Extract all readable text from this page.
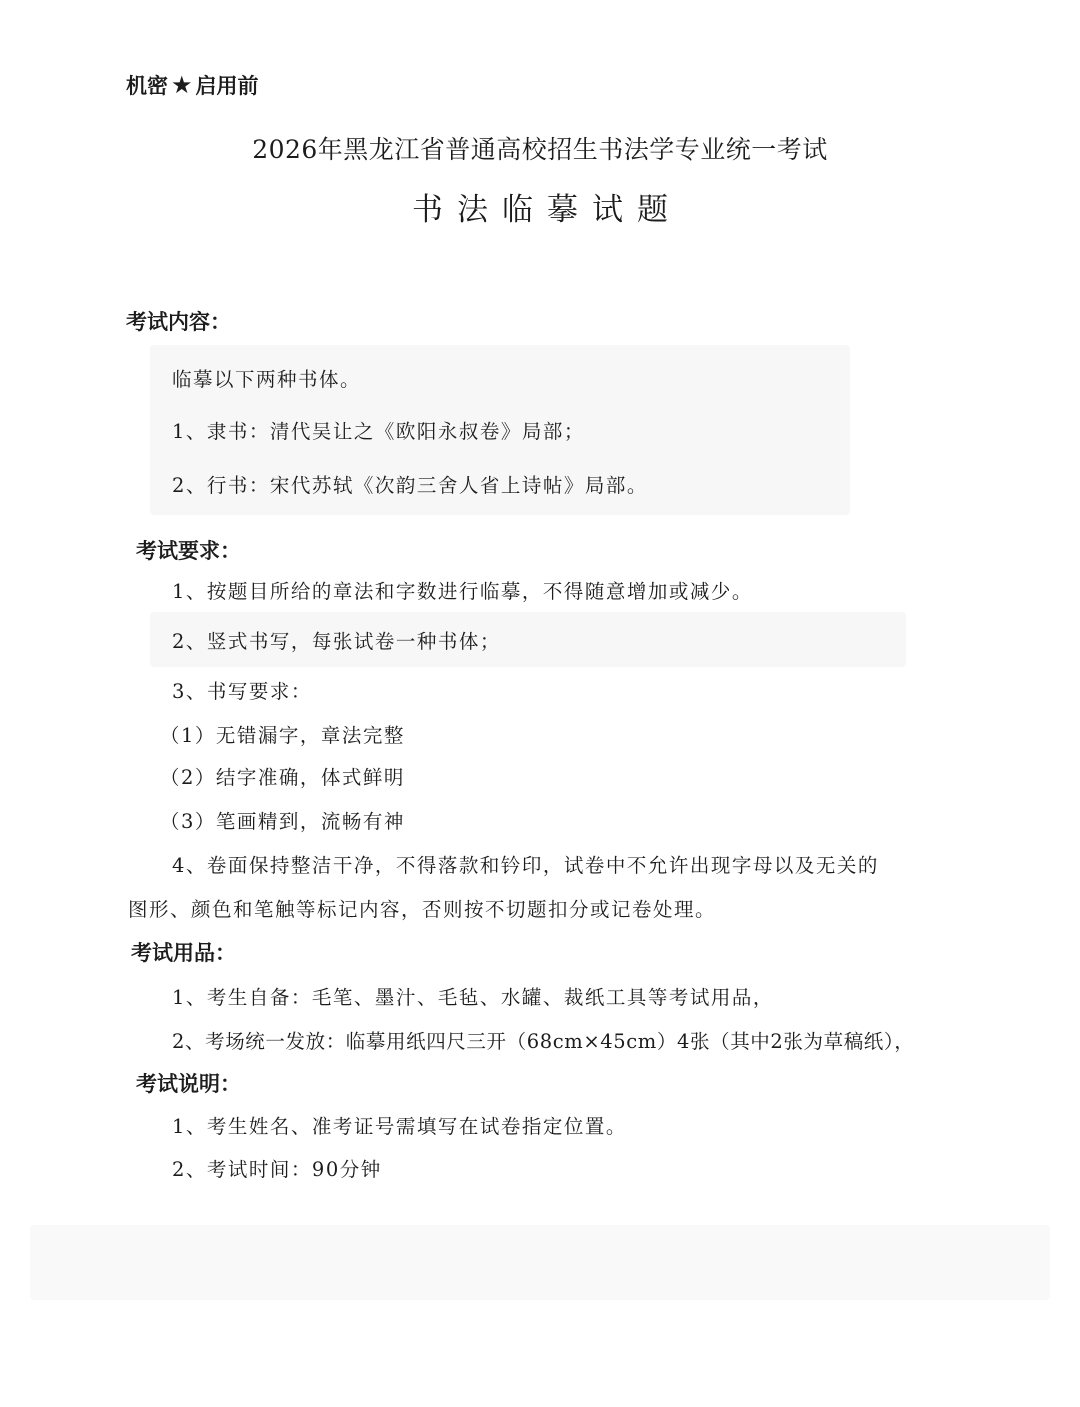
机密 ★ 启用前
2026年黑龙江省普通高校招生书法学专业统一考试
书法临摹试题
考试内容：
临摹以下两种书体。
1、隶书：清代吴让之《欧阳永叔卷》局部；
2、行书：宋代苏轼《次韵三舍人省上诗帖》局部。
考试要求：
1、按题目所给的章法和字数进行临摹，不得随意增加或减少。
2、竖式书写，每张试卷一种书体；
3、书写要求：
（1）无错漏字，章法完整
（2）结字准确，体式鲜明
（3）笔画精到，流畅有神
4、卷面保持整洁干净，不得落款和钤印，试卷中不允许出现字母以及无关的
图形、颜色和笔触等标记内容，否则按不切题扣分或记卷处理。
考试用品：
1、考生自备：毛笔、墨汁、毛毡、水罐、裁纸工具等考试用品，
2、考场统一发放：临摹用纸四尺三开（68cm×45cm）4张（其中2张为草稿纸），
考试说明：
1、考生姓名、准考证号需填写在试卷指定位置。
2、考试时间：90分钟
